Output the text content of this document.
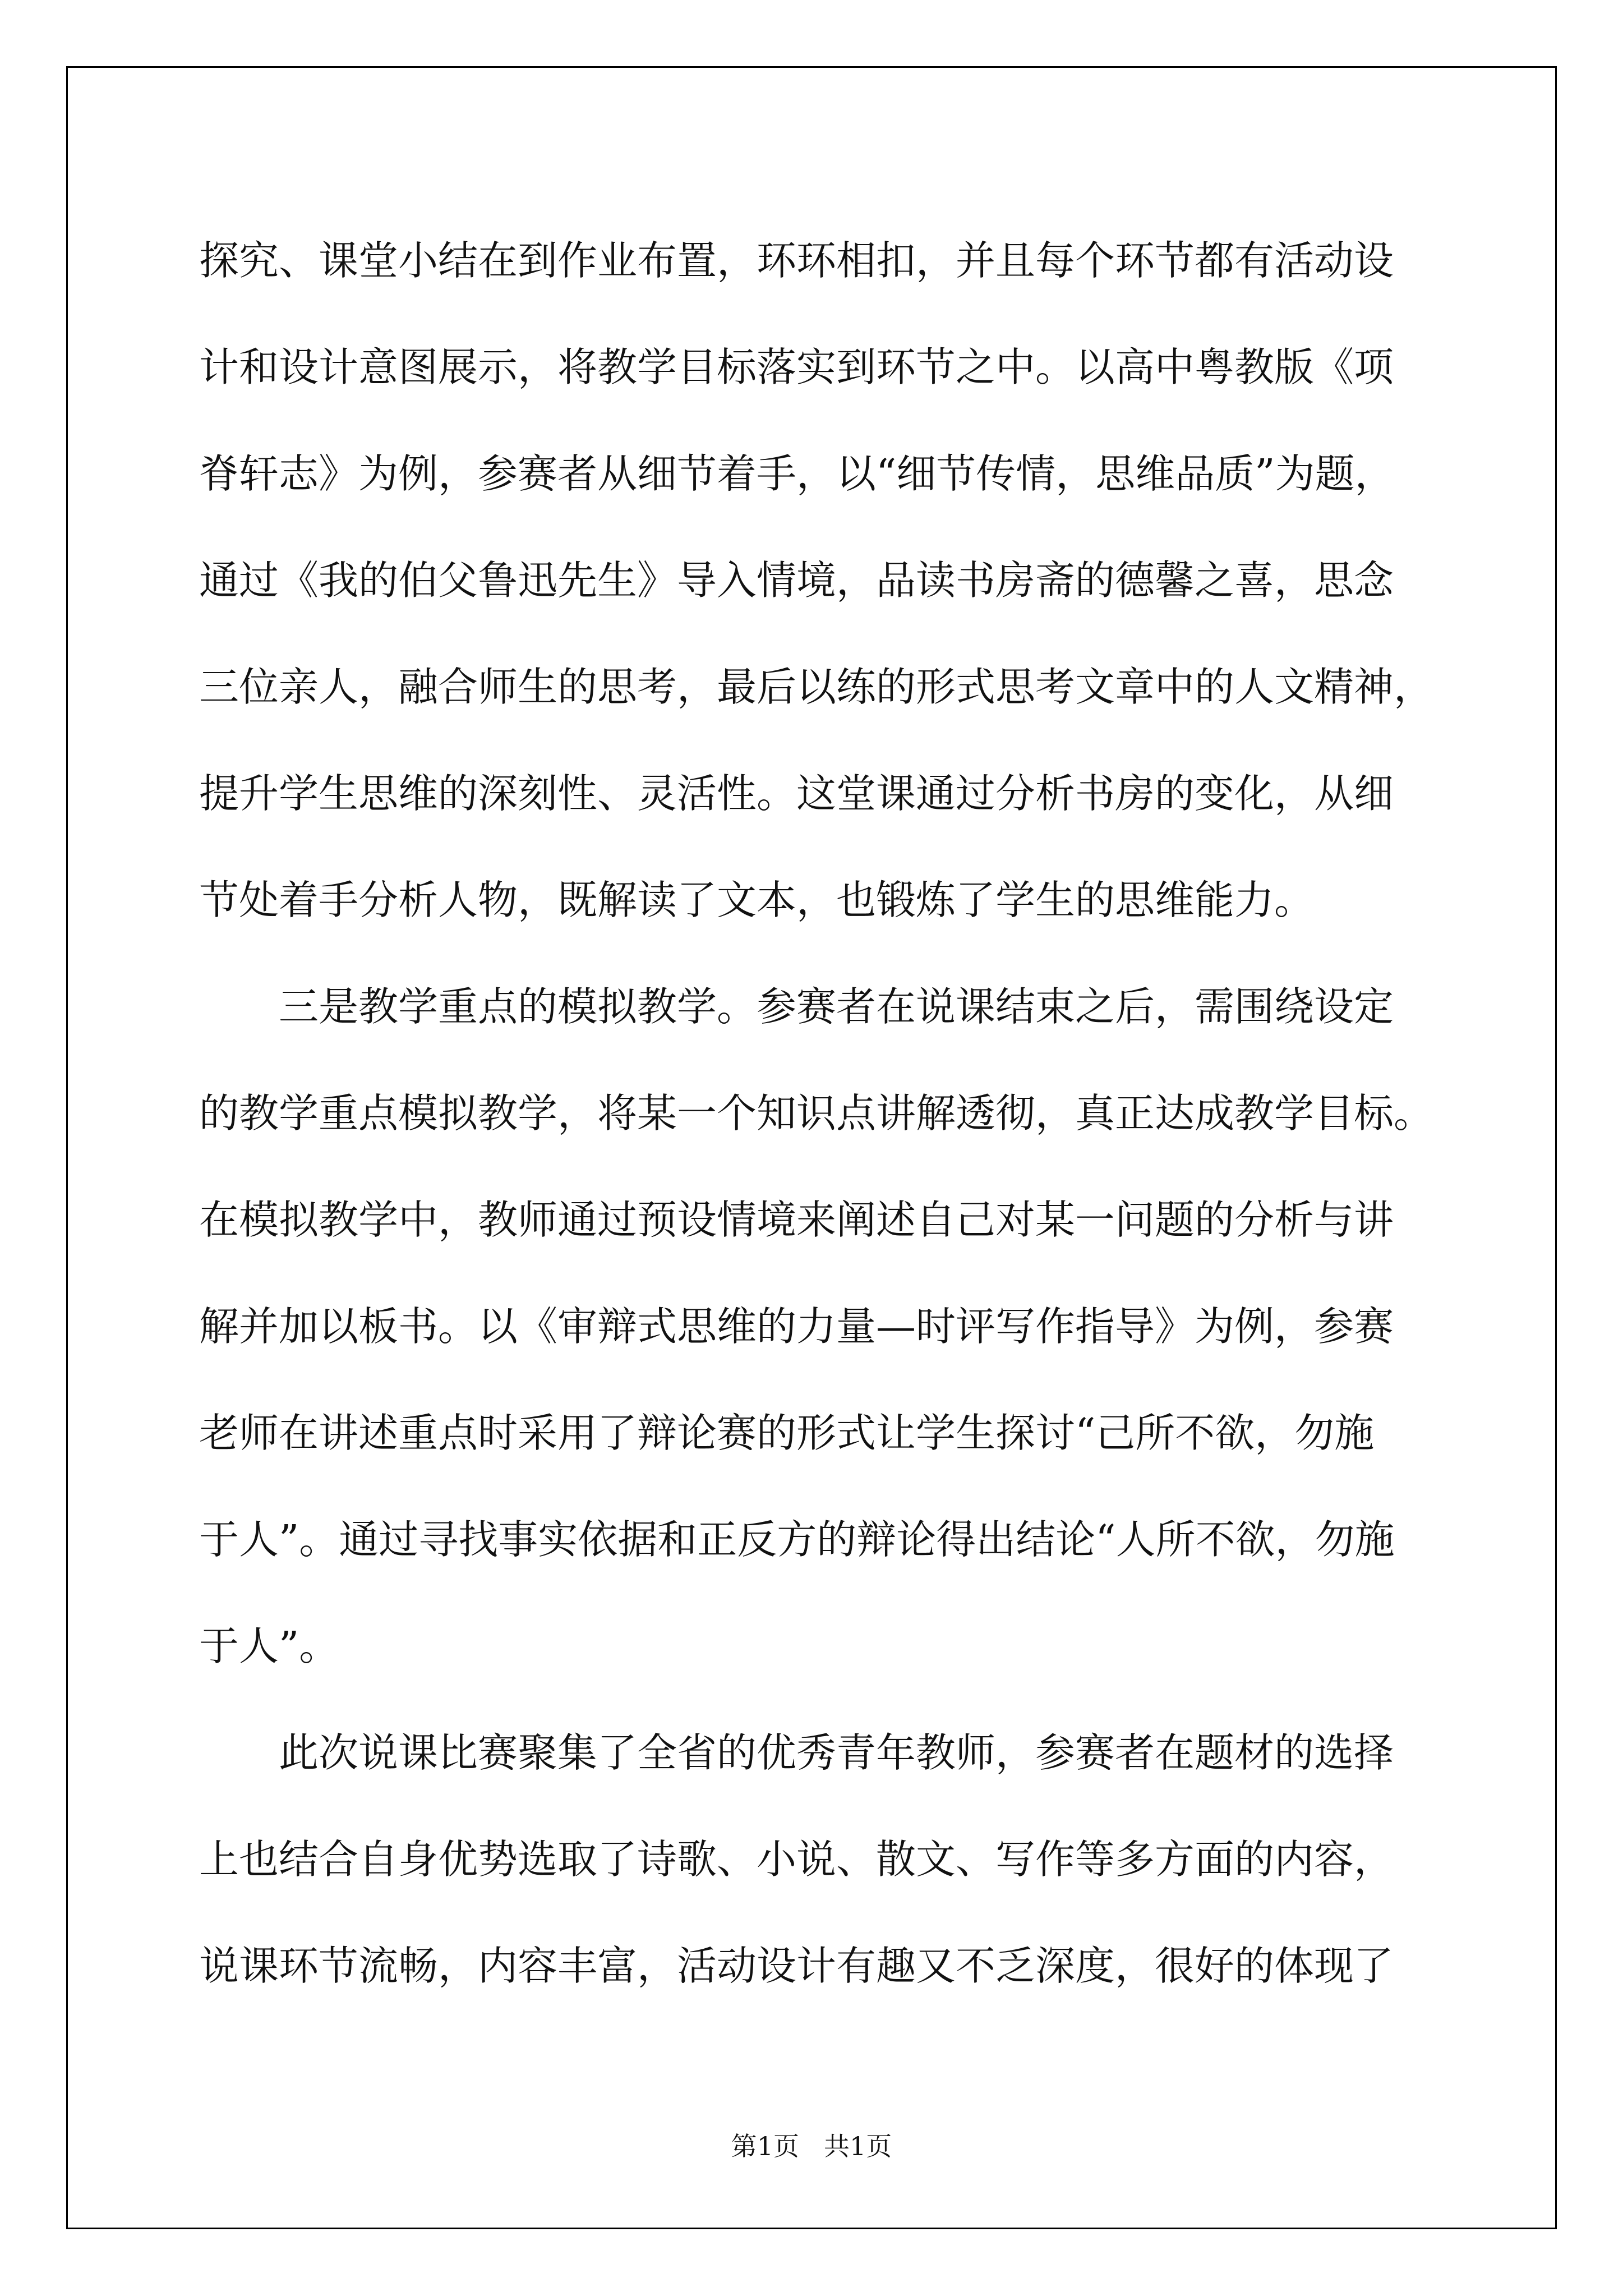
探究、课堂小结在到作业布置，环环相扣，并且每个环节都有活动设
计和设计意图展示，将教学目标落实到环节之中。以高中粤教版《项
脊轩志》为例，参赛者从细节着手，以“细节传情，思维品质”为题，
通过《我的伯父鲁迅先生》导入情境，品读书房斋的德馨之喜，思念
三位亲人，融合师生的思考，最后以练的形式思考文章中的人文精神，
提升学生思维的深刻性、灵活性。这堂课通过分析书房的变化，从细
节处着手分析人物，既解读了文本，也锻炼了学生的思维能力。
三是教学重点的模拟教学。参赛者在说课结束之后，需围绕设定
的教学重点模拟教学，将某一个知识点讲解透彻，真正达成教学目标。
在模拟教学中，教师通过预设情境来阐述自己对某一问题的分析与讲
解并加以板书。以《审辩式思维的力量—时评写作指导》为例，参赛
老师在讲述重点时采用了辩论赛的形式让学生探讨“己所不欲，勿施
于人”。通过寻找事实依据和正反方的辩论得出结论“人所不欲，勿施
于人”。
此次说课比赛聚集了全省的优秀青年教师，参赛者在题材的选择
上也结合自身优势选取了诗歌、小说、散文、写作等多方面的内容，
说课环节流畅，内容丰富，活动设计有趣又不乏深度，很好的体现了
第1页 共1页
